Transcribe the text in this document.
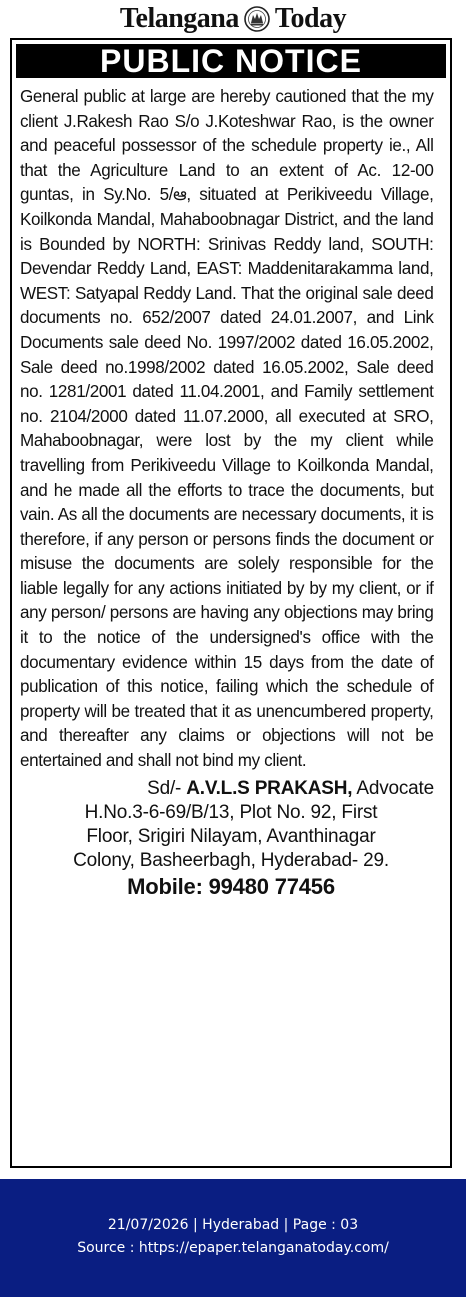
Telangana Today
PUBLIC NOTICE
General public at large are hereby cautioned that the my client J.Rakesh Rao S/o J.Koteshwar Rao, is the owner and peaceful possessor of the schedule property ie., All that the Agriculture Land to an extent of Ac. 12-00 guntas, in Sy.No. 5/ఆ, situated at Perikiveedu Village, Koilkonda Mandal, Mahaboobnagar District, and the land is Bounded by NORTH: Srinivas Reddy land, SOUTH: Devendar Reddy Land, EAST: Maddenitarakamma land, WEST: Satyapal Reddy Land. That the original sale deed documents no. 652/2007 dated 24.01.2007, and Link Documents sale deed No. 1997/2002 dated 16.05.2002, Sale deed no.1998/2002 dated 16.05.2002, Sale deed no. 1281/2001 dated 11.04.2001, and Family settlement no. 2104/2000 dated 11.07.2000, all executed at SRO, Mahaboobnagar, were lost by the my client while travelling from Perikiveedu Village to Koilkonda Mandal, and he made all the efforts to trace the documents, but vain. As all the documents are necessary documents, it is therefore, if any person or persons finds the document or misuse the documents are solely responsible for the liable legally for any actions initiated by by my client, or if any person/ persons are having any objections may bring it to the notice of the undersigned's office with the documentary evidence within 15 days from the date of publication of this notice, failing which the schedule of property will be treated that it as unencumbered property, and thereafter any claims or objections will not be entertained and shall not bind my client.
Sd/- A.V.L.S PRAKASH, Advocate
H.No.3-6-69/B/13, Plot No. 92, First
Floor, Srigiri Nilayam, Avanthinagar
Colony, Basheerbagh, Hyderabad- 29.
Mobile: 99480 77456
21/07/2026 | Hyderabad | Page : 03
Source : https://epaper.telanganatoday.com/
